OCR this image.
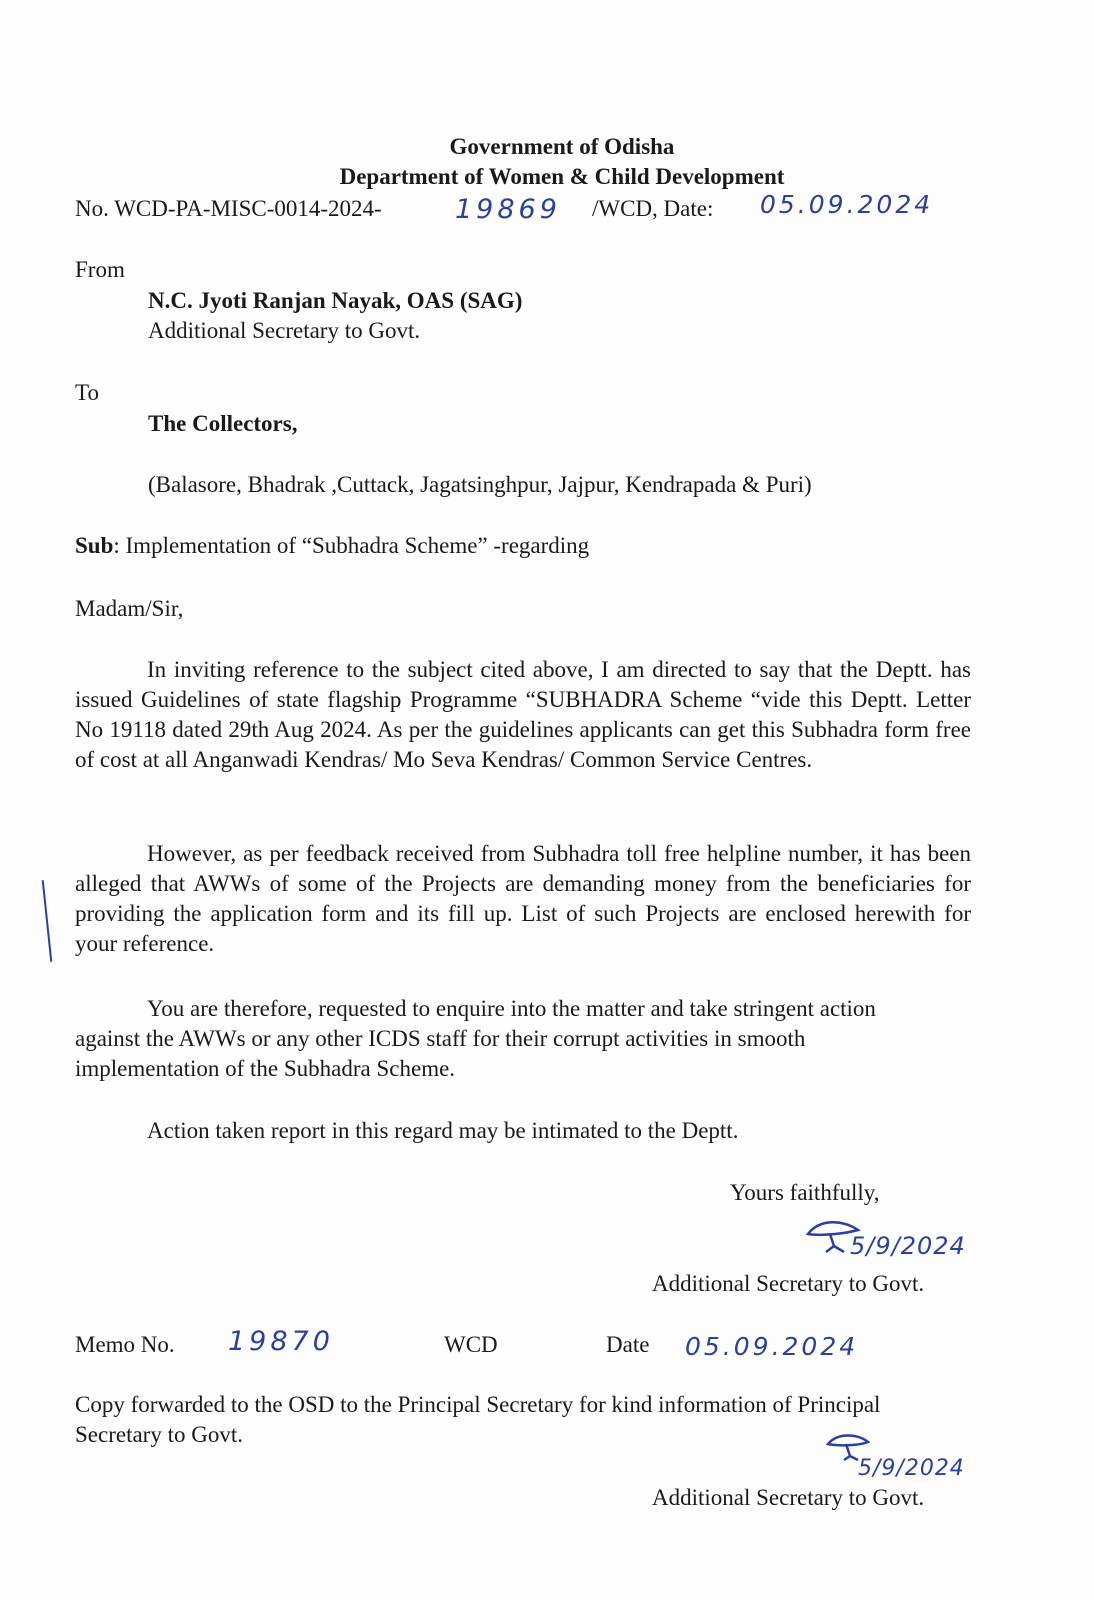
Government of Odisha
Department of Women & Child Development
No. WCD-PA-MISC-0014-2024-	19869 /WCD, Date: 05.09.2024
From
N.C. Jyoti Ranjan Nayak, OAS (SAG)
Additional Secretary to Govt.
To
The Collectors,
(Balasore, Bhadrak ,Cuttack, Jagatsinghpur, Jajpur, Kendrapada & Puri)
Sub: Implementation of “Subhadra Scheme” -regarding
Madam/Sir,
In inviting reference to the subject cited above, I am directed to say that the Deptt. has issued Guidelines of state flagship Programme “SUBHADRA Scheme “vide this Deptt. Letter No 19118 dated 29th Aug 2024. As per the guidelines applicants can get this Subhadra form free of cost at all Anganwadi Kendras/ Mo Seva Kendras/ Common Service Centres.
However, as per feedback received from Subhadra toll free helpline number, it has been alleged that AWWs of some of the Projects are demanding money from the beneficiaries for providing the application form and its fill up. List of such Projects are enclosed herewith for your reference.
You are therefore, requested to enquire into the matter and take stringent action against the AWWs or any other ICDS staff for their corrupt activities in smooth implementation of the Subhadra Scheme.
Action taken report in this regard may be intimated to the Deptt.
Yours faithfully,
5/9/2024
Additional Secretary to Govt.
Memo No. 19870	WCD	Date 05.09.2024
Copy forwarded to the OSD to the Principal Secretary for kind information of Principal Secretary to Govt.
5/9/2024
Additional Secretary to Govt.
